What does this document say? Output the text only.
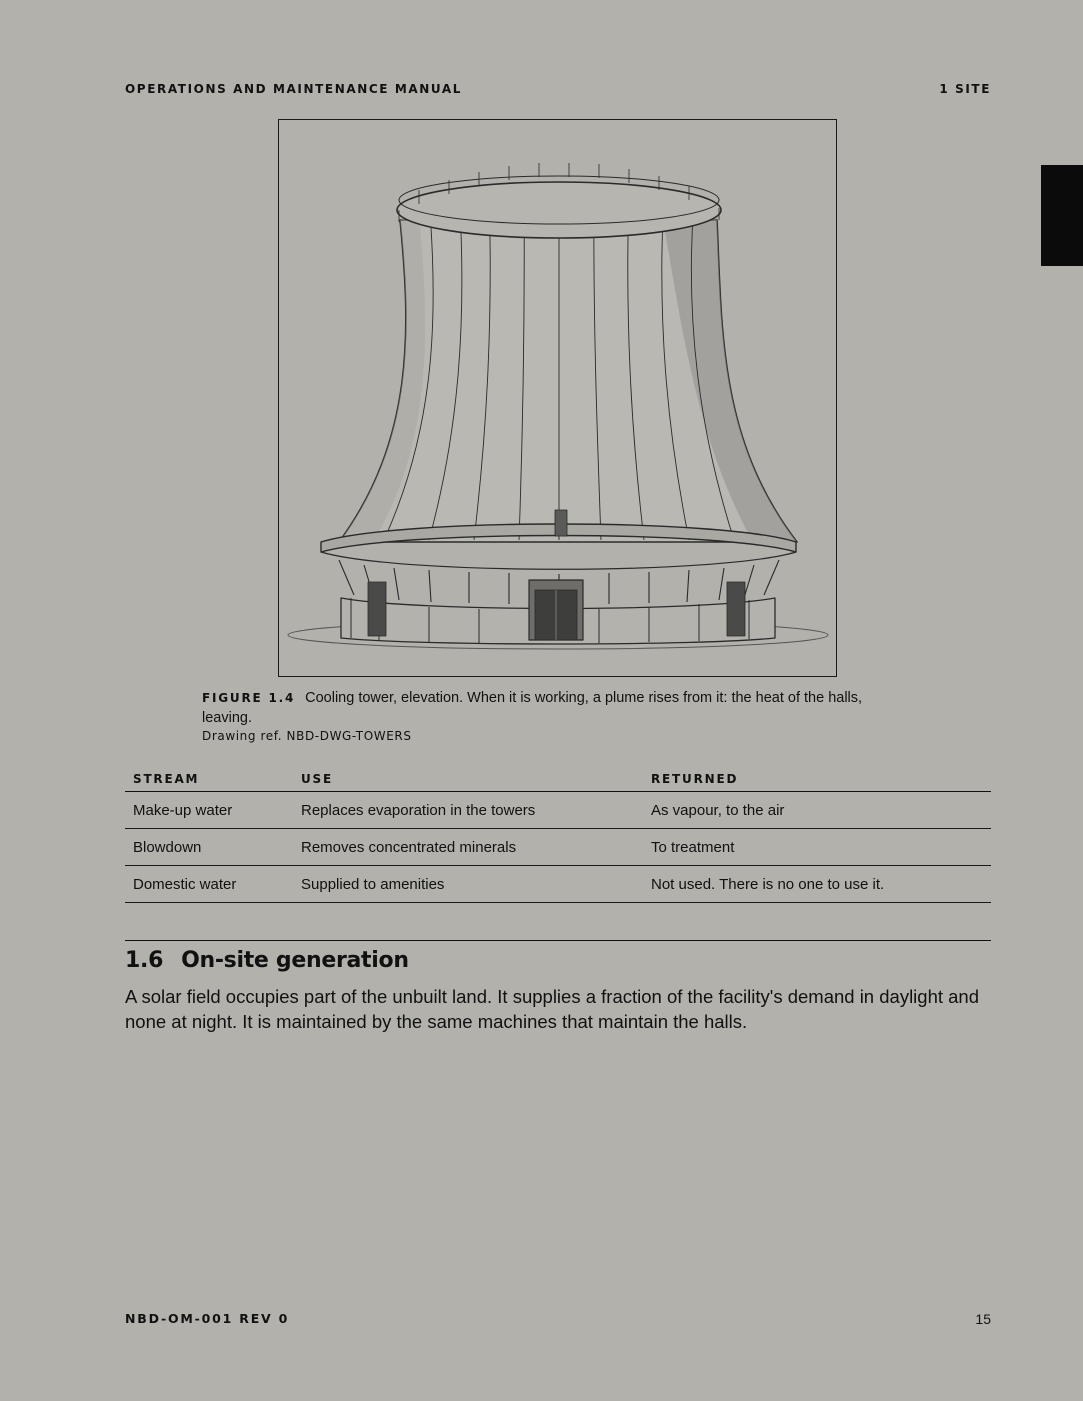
OPERATIONS AND MAINTENANCE MANUAL	1 SITE
FIGURE 1.4 Cooling tower, elevation. When it is working, a plume rises from it: the heat of the halls, leaving.
Drawing ref. NBD-DWG-TOWERS
STREAM	USE	RETURNED
Make-up water	Replaces evaporation in the towers	As vapour, to the air
Blowdown	Removes concentrated minerals	To treatment
Domestic water	Supplied to amenities	Not used. There is no one to use it.
1.6 On-site generation
A solar field occupies part of the unbuilt land. It supplies a fraction of the facility's demand in daylight and none at night. It is maintained by the same machines that maintain the halls.
NBD-OM-001 REV 0	15
